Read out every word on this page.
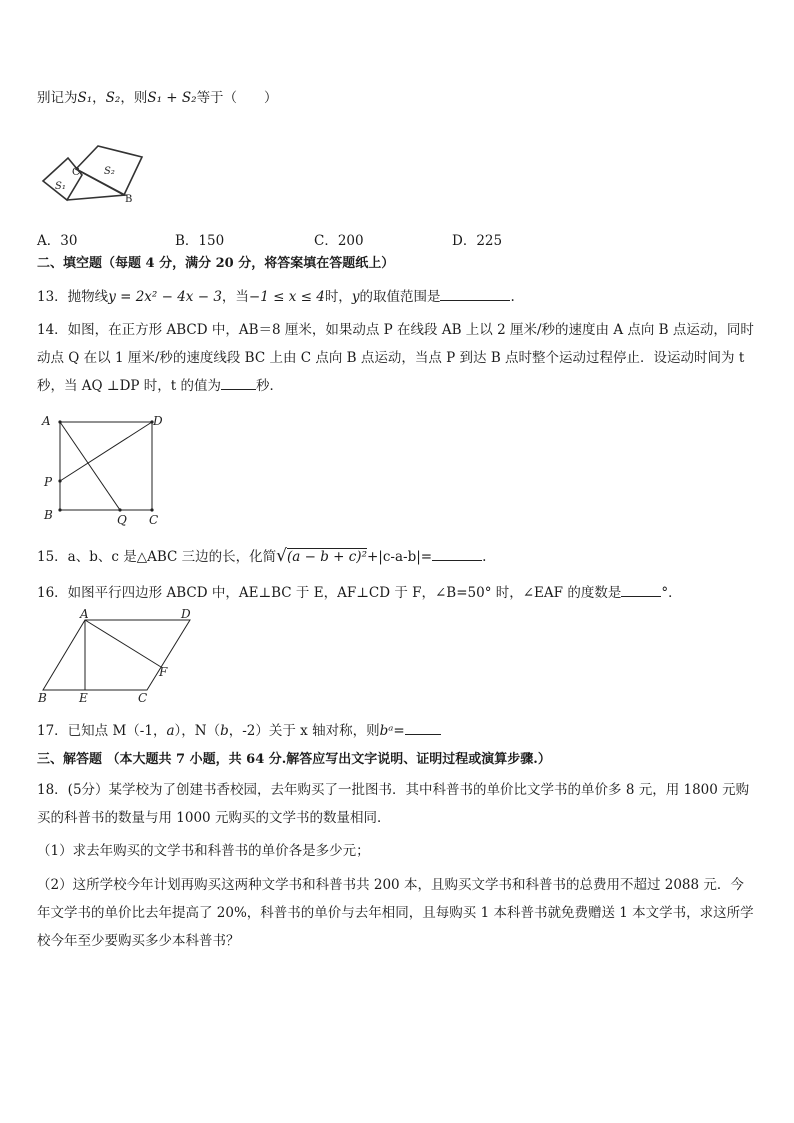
别记为S₁，S₂，则S₁ + S₂等于（　　）
C S₂
S₁
B
A．30	B．150	C．200	D．225
二、填空题（每题 4 分，满分 20 分，将答案填在答题纸上）
13．抛物线y = 2x² − 4x − 3，当−1 ≤ x ≤ 4时，y的取值范围是	.
14．如图，在正方形 ABCD 中，AB＝8 厘米，如果动点 P 在线段 AB 上以 2 厘米/秒的速度由 A 点向 B 点运动，同时动点 Q 在以 1 厘米/秒的速度线段 BC 上由 C 点向 B 点运动，当点 P 到达 B 点时整个运动过程停止．设运动时间为 t 秒，当 AQ ⊥DP 时，t 的值为	秒．
A	D
P
B	Q C
15．a、b、c 是△ABC 三边的长，化简√(a − b + c)²+|c-a-b|=	.
16．如图平行四边形 ABCD 中，AE⊥BC 于 E，AF⊥CD 于 F，∠B=50° 时，∠EAF 的度数是	°．
A	D
F
B	E	C
17．已知点 M（-1，a），N（b，-2）关于 x 轴对称，则bᵃ=
三、解答题 （本大题共 7 小题，共 64 分.解答应写出文字说明、证明过程或演算步骤.）
18．(5分）某学校为了创建书香校园，去年购买了一批图书．其中科普书的单价比文学书的单价多 8 元，用 1800 元购买的科普书的数量与用 1000 元购买的文学书的数量相同．
（1）求去年购买的文学书和科普书的单价各是多少元；
（2）这所学校今年计划再购买这两种文学书和科普书共 200 本，且购买文学书和科普书的总费用不超过 2088 元．今年文学书的单价比去年提高了 20%，科普书的单价与去年相同，且每购买 1 本科普书就免费赠送 1 本文学书，求这所学校今年至少要购买多少本科普书？
